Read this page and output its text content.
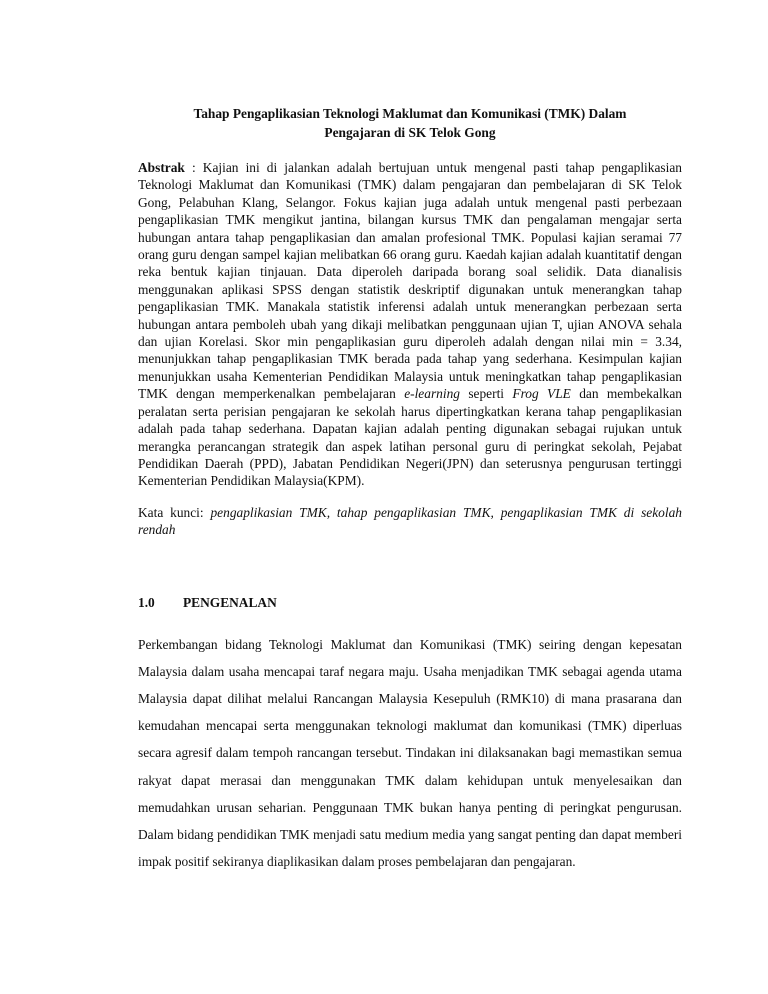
Tahap Pengaplikasian Teknologi Maklumat dan Komunikasi (TMK) Dalam
Pengajaran di SK Telok Gong

Abstrak : Kajian ini di jalankan adalah bertujuan untuk mengenal pasti tahap pengaplikasian Teknologi Maklumat dan Komunikasi (TMK) dalam pengajaran dan pembelajaran di SK Telok Gong, Pelabuhan Klang, Selangor. Fokus kajian juga adalah untuk mengenal pasti perbezaan pengaplikasian TMK mengikut jantina, bilangan kursus TMK dan pengalaman mengajar serta hubungan antara tahap pengaplikasian dan amalan profesional TMK. Populasi kajian seramai 77 orang guru dengan sampel kajian melibatkan 66 orang guru. Kaedah kajian adalah kuantitatif dengan reka bentuk kajian tinjauan. Data diperoleh daripada borang soal selidik. Data dianalisis menggunakan aplikasi SPSS dengan statistik deskriptif digunakan untuk menerangkan tahap pengaplikasian TMK. Manakala statistik inferensi adalah untuk menerangkan perbezaan serta hubungan antara pemboleh ubah yang dikaji melibatkan penggunaan ujian T, ujian ANOVA sehala dan ujian Korelasi. Skor min pengaplikasian guru diperoleh adalah dengan nilai min = 3.34, menunjukkan tahap pengaplikasian TMK berada pada tahap yang sederhana. Kesimpulan kajian menunjukkan usaha Kementerian Pendidikan Malaysia untuk meningkatkan tahap pengaplikasian TMK dengan memperkenalkan pembelajaran e-learning seperti Frog VLE dan membekalkan peralatan serta perisian pengajaran ke sekolah harus dipertingkatkan kerana tahap pengaplikasian adalah pada tahap sederhana. Dapatan kajian adalah penting digunakan sebagai rujukan untuk merangka perancangan strategik dan aspek latihan personal guru di peringkat sekolah, Pejabat Pendidikan Daerah (PPD), Jabatan Pendidikan Negeri(JPN) dan seterusnya pengurusan tertinggi Kementerian Pendidikan Malaysia(KPM).

Kata kunci: pengaplikasian TMK, tahap pengaplikasian TMK, pengaplikasian TMK di sekolah rendah

1.0	PENGENALAN

Perkembangan bidang Teknologi Maklumat dan Komunikasi (TMK) seiring dengan kepesatan Malaysia dalam usaha mencapai taraf negara maju. Usaha menjadikan TMK sebagai agenda utama Malaysia dapat dilihat melalui Rancangan Malaysia Kesepuluh (RMK10) di mana prasarana dan kemudahan mencapai serta menggunakan teknologi maklumat dan komunikasi (TMK) diperluas secara agresif dalam tempoh rancangan tersebut. Tindakan ini dilaksanakan bagi memastikan semua rakyat dapat merasai dan menggunakan TMK dalam kehidupan untuk menyelesaikan dan memudahkan urusan seharian. Penggunaan TMK bukan hanya penting di peringkat pengurusan. Dalam bidang pendidikan TMK menjadi satu medium media yang sangat penting dan dapat memberi impak positif sekiranya diaplikasikan dalam proses pembelajaran dan pengajaran.
